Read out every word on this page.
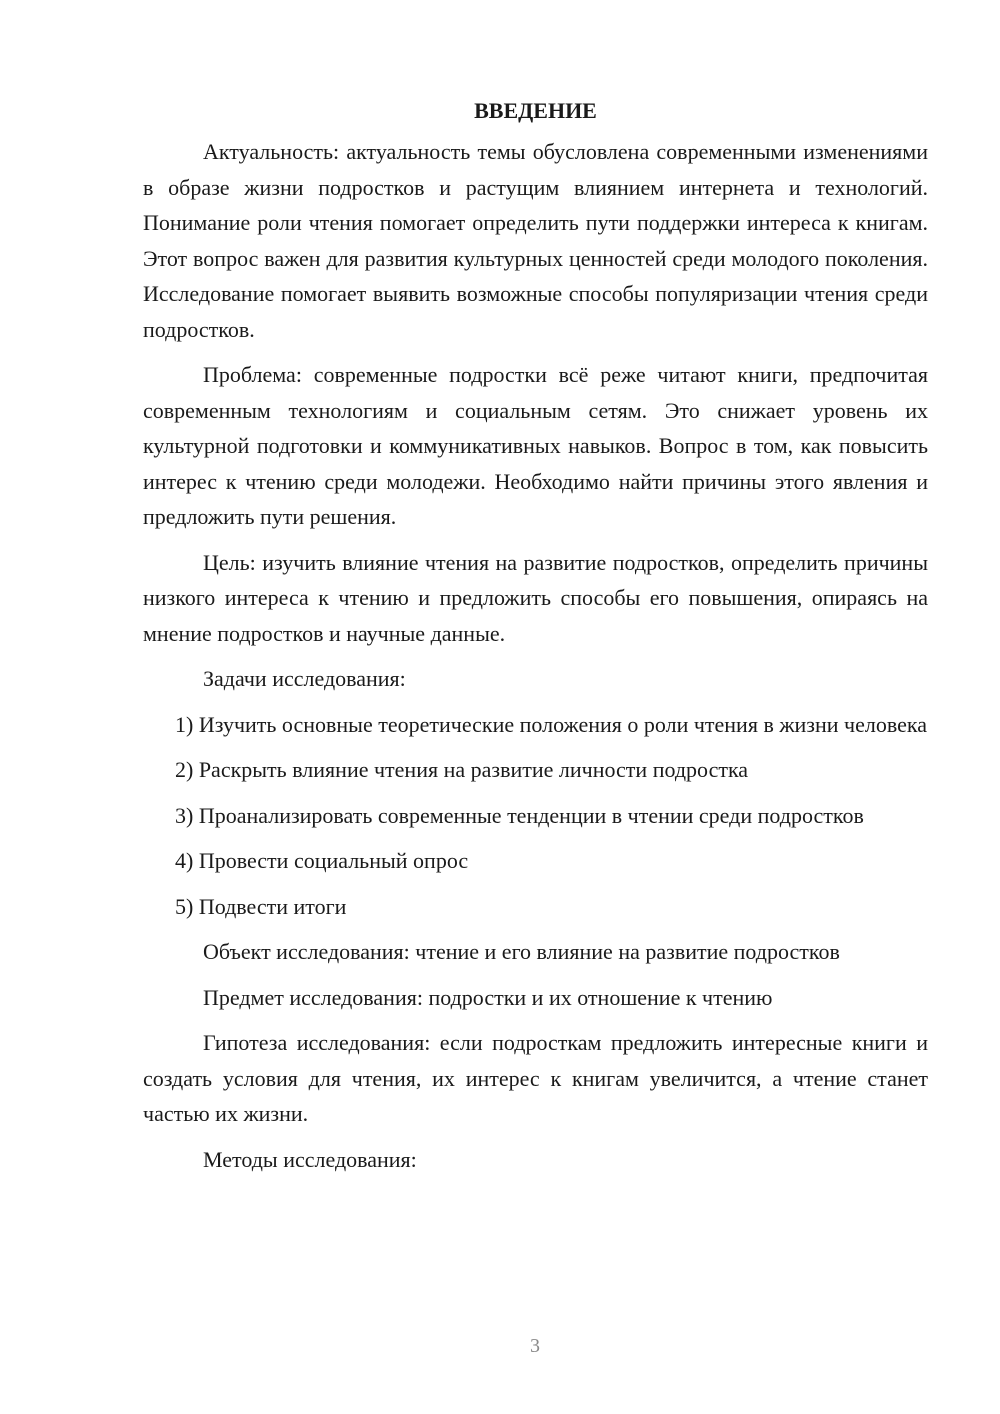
ВВЕДЕНИЕ

Актуальность: актуальность темы обусловлена современными изменениями в образе жизни подростков и растущим влиянием интернета и технологий. Понимание роли чтения помогает определить пути поддержки интереса к книгам. Этот вопрос важен для развития культурных ценностей среди молодого поколения. Исследование помогает выявить возможные способы популяризации чтения среди подростков.

Проблема: современные подростки всё реже читают книги, предпочитая современным технологиям и социальным сетям. Это снижает уровень их культурной подготовки и коммуникативных навыков. Вопрос в том, как повысить интерес к чтению среди молодежи. Необходимо найти причины этого явления и предложить пути решения.

Цель: изучить влияние чтения на развитие подростков, определить причины низкого интереса к чтению и предложить способы его повышения, опираясь на мнение подростков и научные данные.

Задачи исследования:

1) Изучить основные теоретические положения о роли чтения в жизни человека

2) Раскрыть влияние чтения на развитие личности подростка

3) Проанализировать современные тенденции в чтении среди подростков

4) Провести социальный опрос

5) Подвести итоги

Объект исследования: чтение и его влияние на развитие подростков

Предмет исследования: подростки и их отношение к чтению

Гипотеза исследования: если подросткам предложить интересные книги и создать условия для чтения, их интерес к книгам увеличится, а чтение станет частью их жизни.

Методы исследования:

3
